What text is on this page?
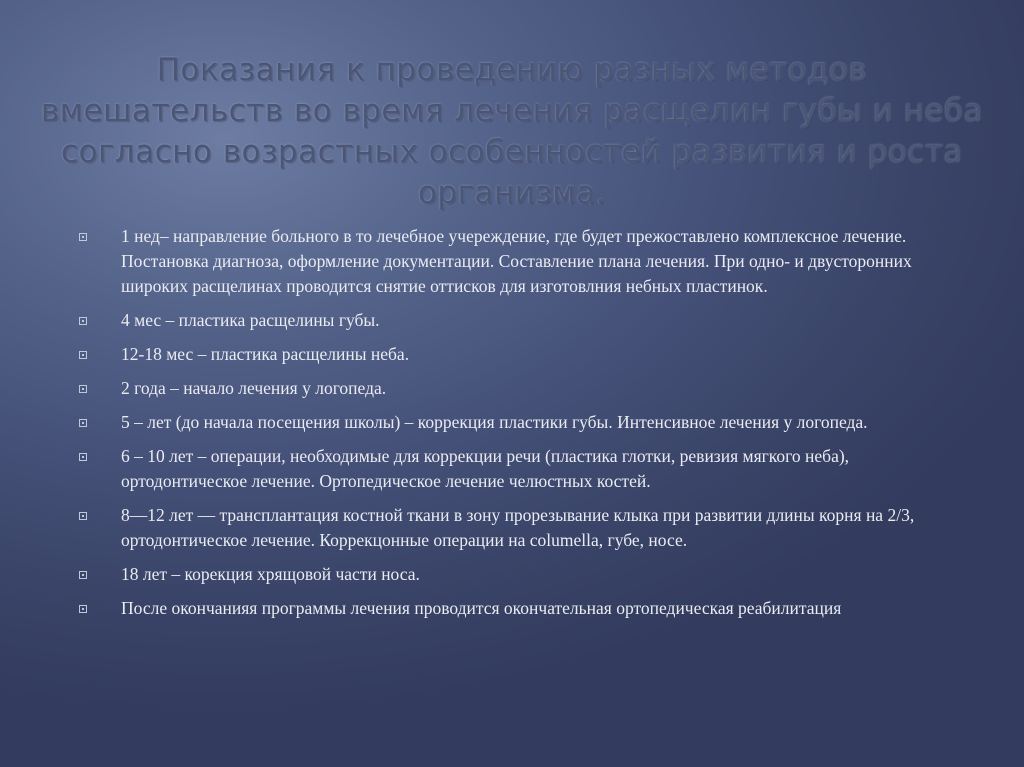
Показания к проведению разных методов вмешательств во время лечения расщелин губы и неба согласно возрастных особенностей развития и роста организма.
1 нед– направление больного в то лечебное учереждение, где будет прежоставлено комплексное лечение. Постановка диагноза, оформление документации. Составление плана лечения. При одно- и двусторонних широких расщелинах проводится снятие оттисков для изготовлния небных пластинок.
4 мес – пластика расщелины губы.
12-18 мес – пластика расщелины неба.
2 года – начало лечения у логопеда.
5 – лет (до начала посещения школы) – коррекция пластики губы. Интенсивное лечения у логопеда.
6 – 10 лет – операции, необходимые для коррекции речи (пластика глотки, ревизия мягкого неба), ортодонтическое лечение. Ортопедическое лечение челюстных костей.
8—12 лет — трансплантация костной ткани в зону прорезывание клыка при развитии длины корня на 2/3, ортодонтическое лечение. Коррекцонные операции на columella, губе, носе.
18 лет – корекция хрящовой части носа.
После окончанияя программы лечения проводится окончательная ортопедическая реабилитация
